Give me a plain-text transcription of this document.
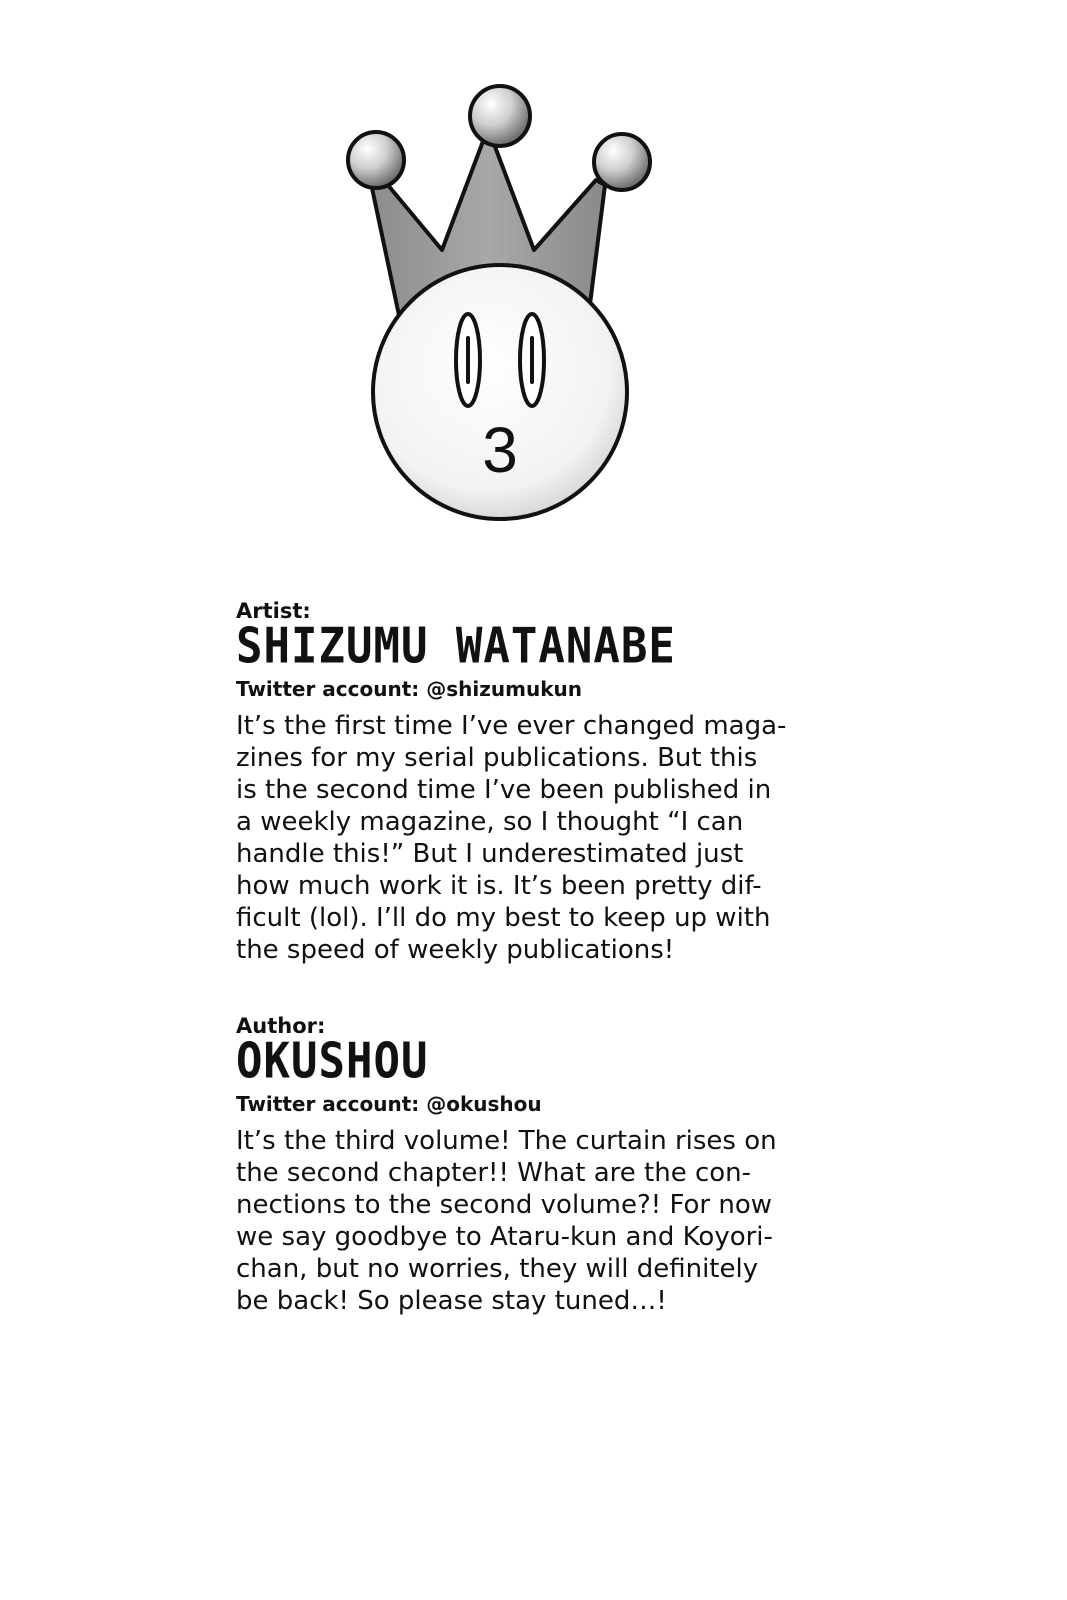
3

Artist:

SHIZUMU WATANABE

Twitter account: @shizumukun

It’s the first time I’ve ever changed maga-
zines for my serial publications. But this
is the second time I’ve been published in
a weekly magazine, so I thought “I can
handle this!” But I underestimated just
how much work it is. It’s been pretty dif-
ficult (lol). I’ll do my best to keep up with
the speed of weekly publications!

Author:

OKUSHOU

Twitter account: @okushou

It’s the third volume! The curtain rises on
the second chapter!! What are the con-
nections to the second volume?! For now
we say goodbye to Ataru-kun and Koyori-
chan, but no worries, they will definitely
be back! So please stay tuned…!
